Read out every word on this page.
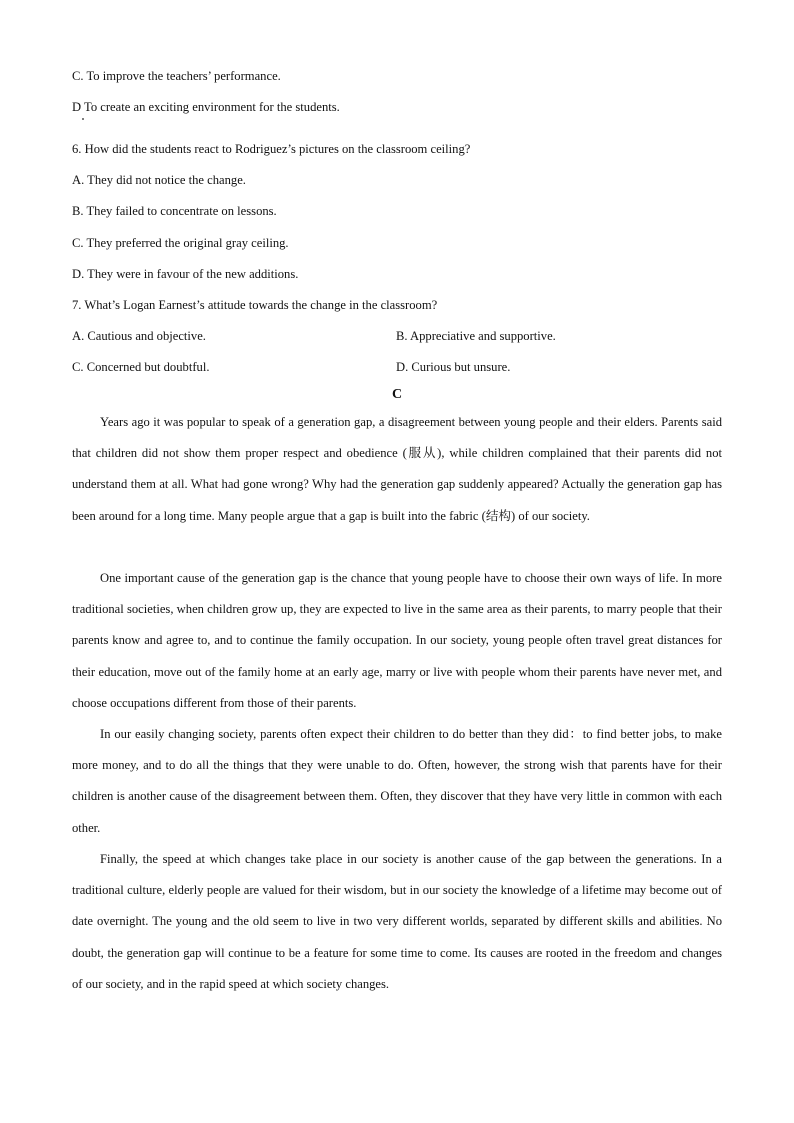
C. To improve the teachers’ performance.
D To create an exciting environment for the students.
6. How did the students react to Rodriguez’s pictures on the classroom ceiling?
A. They did not notice the change.
B. They failed to concentrate on lessons.
C. They preferred the original gray ceiling.
D. They were in favour of the new additions.
7. What’s Logan Earnest’s attitude towards the change in the classroom?
A. Cautious and objective.	B. Appreciative and supportive.
C. Concerned but doubtful.	D. Curious but unsure.
C

Years ago it was popular to speak of a generation gap, a disagreement between young people and their elders. Parents said that children did not show them proper respect and obedience (服从), while children complained that their parents did not understand them at all. What had gone wrong? Why had the generation gap suddenly appeared? Actually the generation gap has been around for a long time. Many people argue that a gap is built into the fabric (结构) of our society.

One important cause of the generation gap is the chance that young people have to choose their own ways of life. In more traditional societies, when children grow up, they are expected to live in the same area as their parents, to marry people that their parents know and agree to, and to continue the family occupation. In our society, young people often travel great distances for their education, move out of the family home at an early age, marry or live with people whom their parents have never met, and choose occupations different from those of their parents.

In our easily changing society, parents often expect their children to do better than they did：to find better jobs, to make more money, and to do all the things that they were unable to do. Often, however, the strong wish that parents have for their children is another cause of the disagreement between them. Often, they discover that they have very little in common with each other.

Finally, the speed at which changes take place in our society is another cause of the gap between the generations. In a traditional culture, elderly people are valued for their wisdom, but in our society the knowledge of a lifetime may become out of date overnight. The young and the old seem to live in two very different worlds, separated by different skills and abilities. No doubt, the generation gap will continue to be a feature for some time to come. Its causes are rooted in the freedom and changes of our society, and in the rapid speed at which society changes.
